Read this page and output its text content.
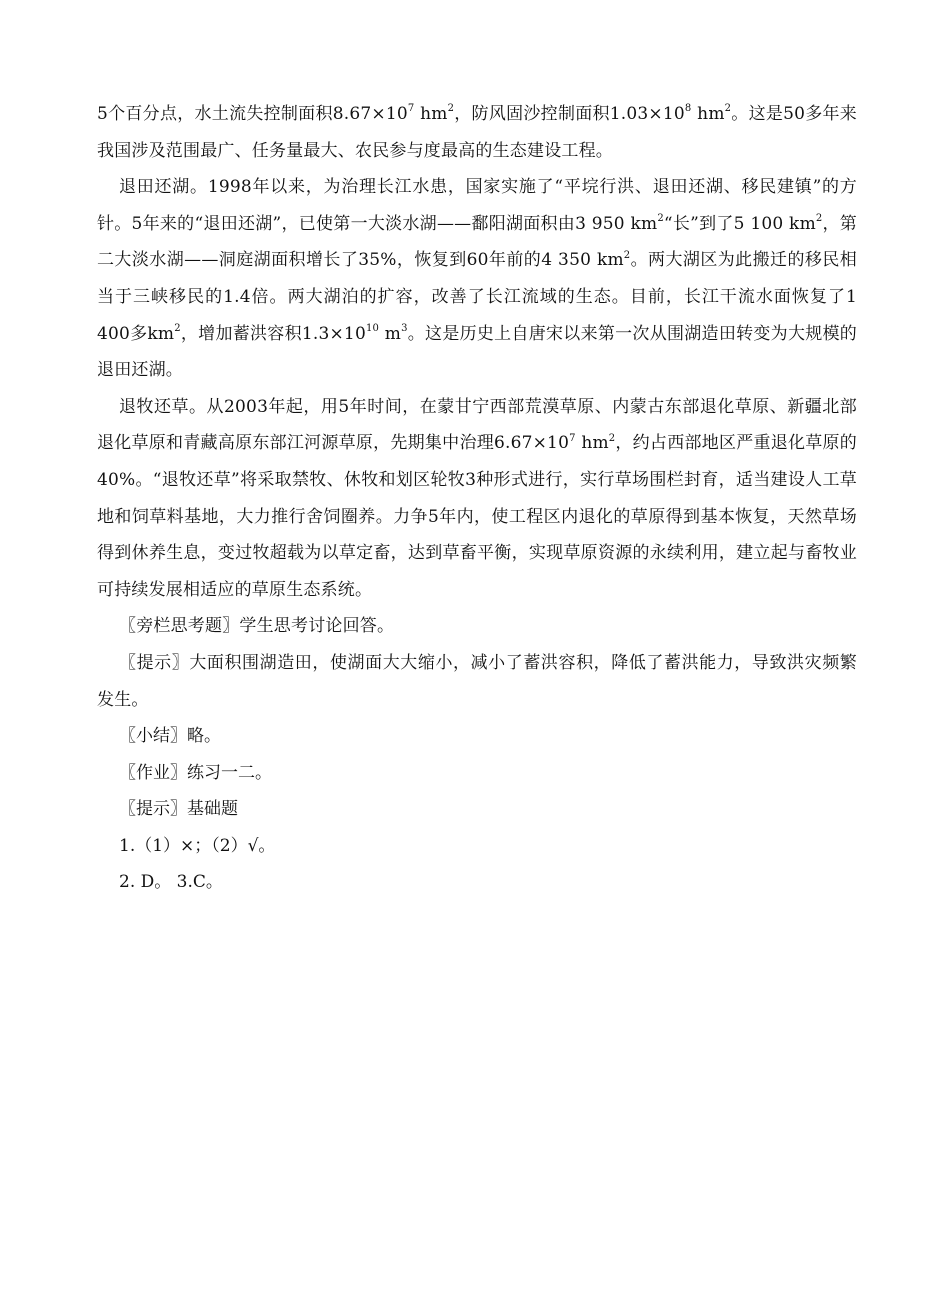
5个百分点，水土流失控制面积$8.67\times 10^7$ $hm^2$，防风固沙控制面积$1.03\times 10^8$ $hm^2$。这是50多年来我国涉及范围最广、任务量最大、农民参与度最高的生态建设工程。

退田还湖。1998年以来，为治理长江水患，国家实施了“平垸行洪、退田还湖、移民建镇”的方针。5年来的“退田还湖”，已使第一大淡水湖——鄱阳湖面积由3 950 $km^2“$长”到了5 100 $km^2$，第二大淡水湖——洞庭湖面积增长了35%，恢复到60年前的4 350 $km^2$。两大湖区为此搬迁的移民相当于三峡移民的1.4倍。两大湖泊的扩容，改善了长江流域的生态。目前，长江干流水面恢复了1 400多$km^2$，增加蓄洪容积$1.3\times 10^{10}$ $m^3$。这是历史上自唐宋以来第一次从围湖造田转变为大规模的退田还湖。

退牧还草。从2003年起，用5年时间，在蒙甘宁西部荒漠草原、内蒙古东部退化草原、新疆北部退化草原和青藏高原东部江河源草原，先期集中治理$6.67\times 10^7$ $hm^2$，约占西部地区严重退化草原的40%。“退牧还草”将采取禁牧、休牧和划区轮牧3种形式进行，实行草场围栏封育，适当建设人工草地和饲草料基地，大力推行舍饲圈养。力争5年内，使工程区内退化的草原得到基本恢复，天然草场得到休养生息，变过牧超载为以草定畜，达到草畜平衡，实现草原资源的永续利用，建立起与畜牧业可持续发展相适应的草原生态系统。

〖旁栏思考题〗学生思考讨论回答。

〖提示〗大面积围湖造田，使湖面大大缩小，减小了蓄洪容积，降低了蓄洪能力，导致洪灾频繁发生。

〖小结〗略。

〖作业〗练习一二。

〖提示〗基础题

1.（1）×；（2）√。

2. D。 3.C。
